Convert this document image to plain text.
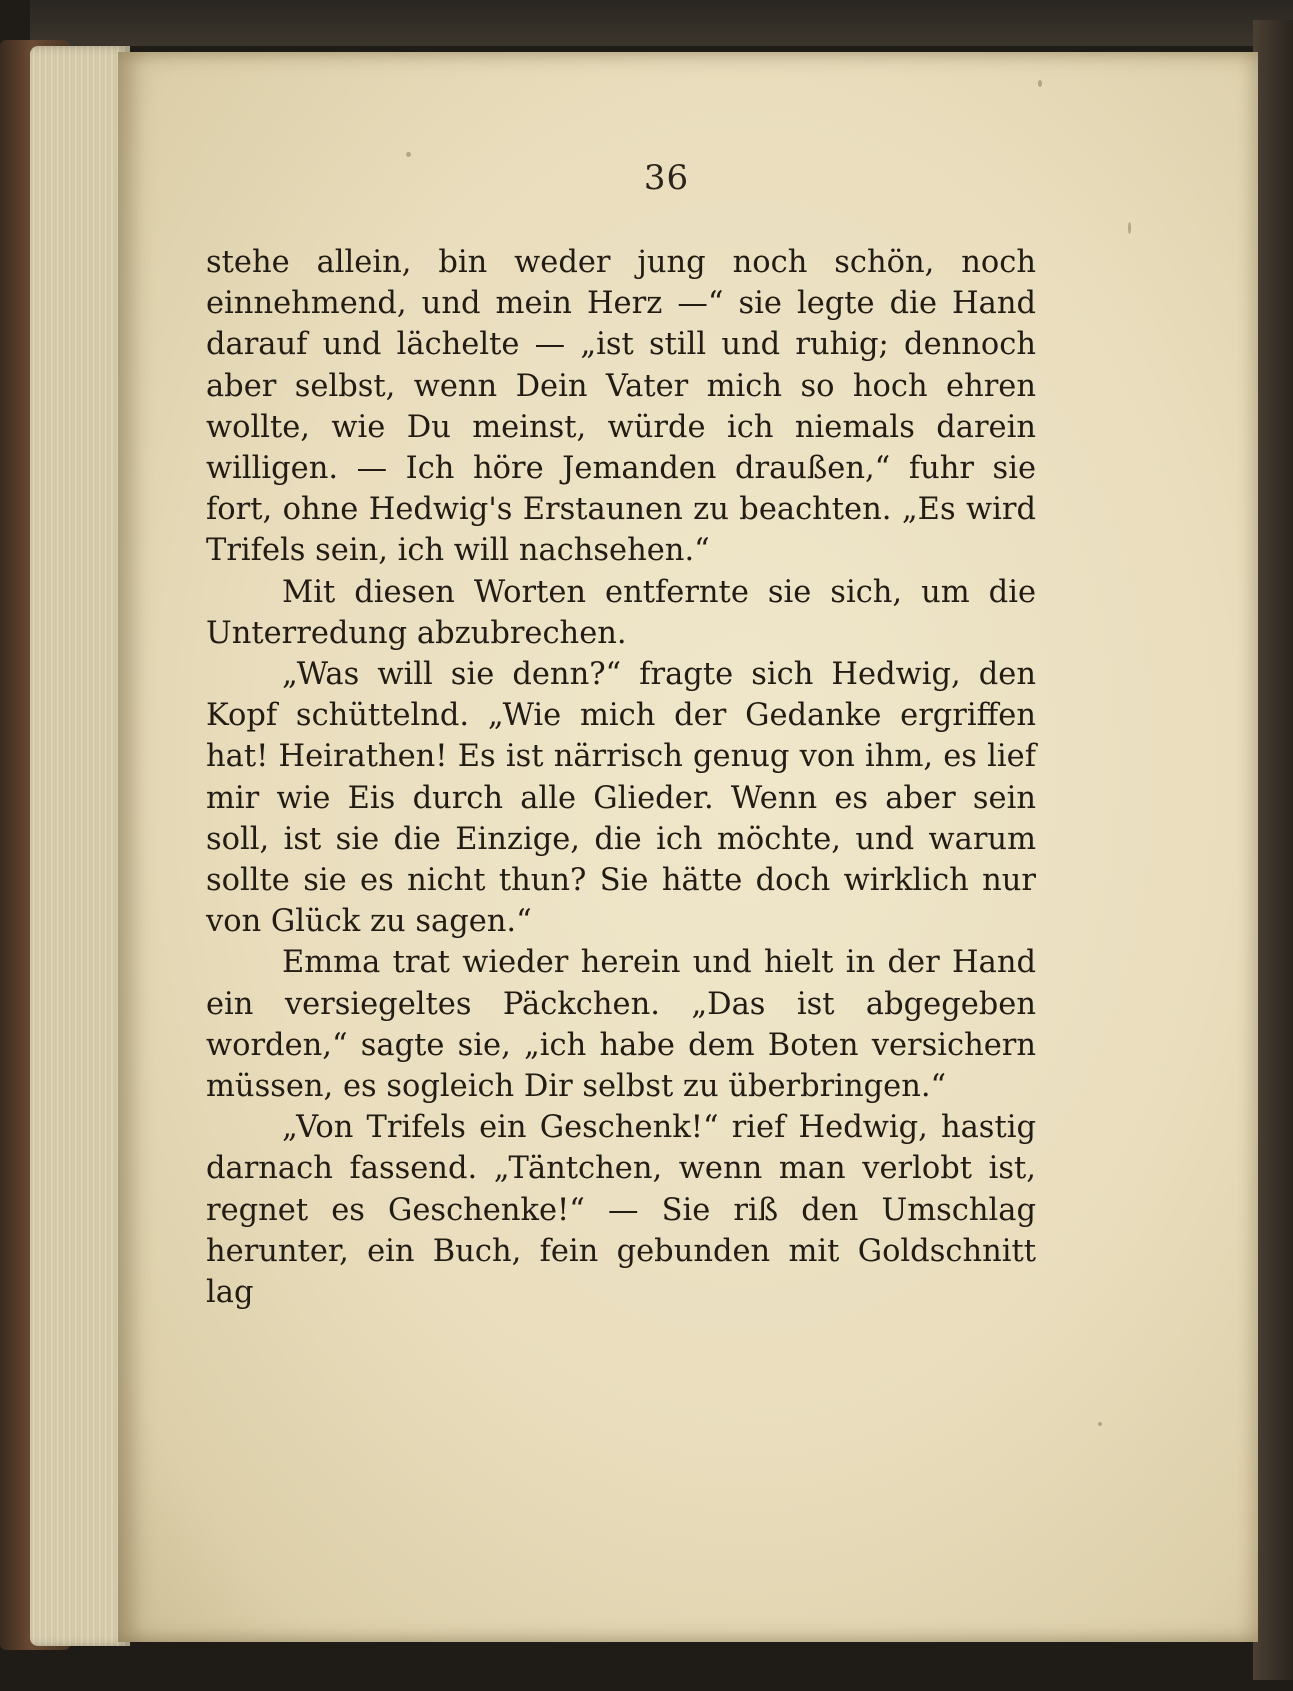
36

stehe allein, bin weder jung noch schön, noch einnehmend, und mein Herz —“ sie legte die Hand darauf und lächelte — „ist still und ruhig; dennoch aber selbst, wenn Dein Vater mich so hoch ehren wollte, wie Du meinst, würde ich niemals darein willigen. — Ich höre Jemanden draußen,“ fuhr sie fort, ohne Hedwig's Erstaunen zu beachten. „Es wird Trifels sein, ich will nachsehen.“

Mit diesen Worten entfernte sie sich, um die Unterredung abzubrechen.

„Was will sie denn?“ fragte sich Hedwig, den Kopf schüttelnd. „Wie mich der Gedanke ergriffen hat! Heirathen! Es ist närrisch genug von ihm, es lief mir wie Eis durch alle Glieder. Wenn es aber sein soll, ist sie die Einzige, die ich möchte, und warum sollte sie es nicht thun? Sie hätte doch wirklich nur von Glück zu sagen.“

Emma trat wieder herein und hielt in der Hand ein versiegeltes Päckchen. „Das ist abgegeben worden,“ sagte sie, „ich habe dem Boten versichern müssen, es sogleich Dir selbst zu überbringen.“

„Von Trifels ein Geschenk!“ rief Hedwig, hastig darnach fassend. „Täntchen, wenn man verlobt ist, regnet es Geschenke!“ — Sie riß den Umschlag herunter, ein Buch, fein gebunden mit Goldschnitt lag
